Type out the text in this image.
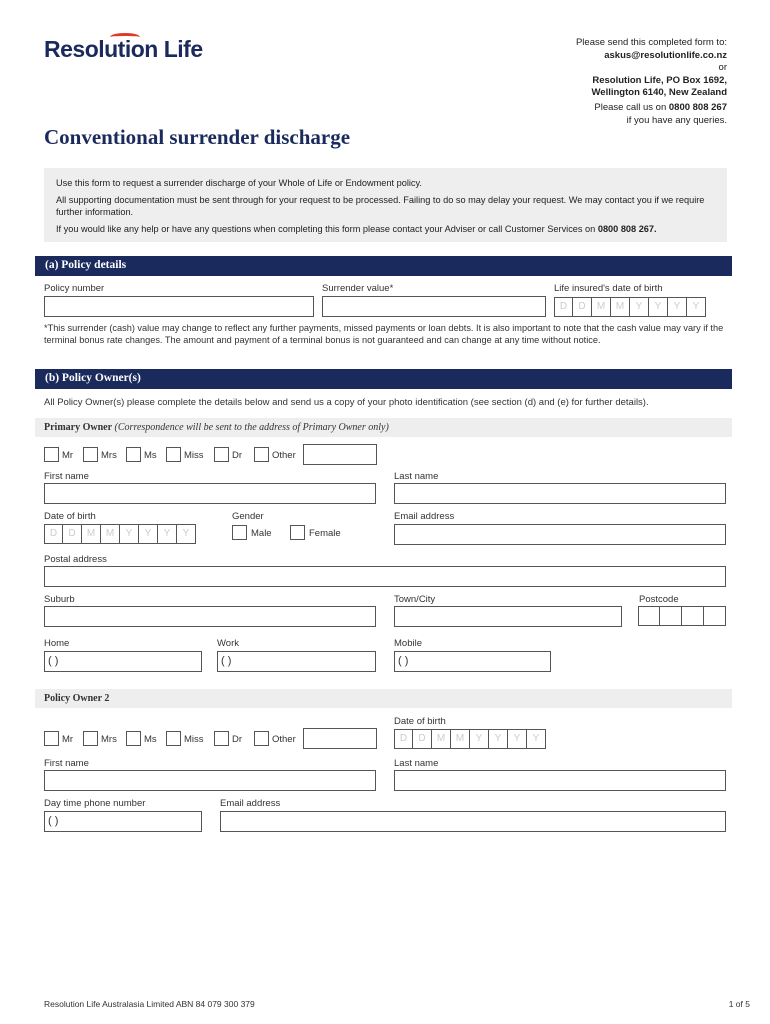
Resolution Life	Please send this completed form to:
askus@resolutionlife.co.nz
or
Resolution Life, PO Box 1692,
Wellington 6140, New Zealand
Please call us on 0800 808 267
if you have any queries.
Conventional surrender discharge

Use this form to request a surrender discharge of your Whole of Life or Endowment policy.

All supporting documentation must be sent through for your request to be processed. Failing to do so may delay your request. We may contact you if we require further information.

If you would like any help or have any questions when completing this form please contact your Adviser or call Customer Services on 0800 808 267.

(a) Policy details
Policy number	Surrender value*	Life insured's date of birth
D	D	M	M	Y	Y	Y	Y
*This surrender (cash) value may change to reflect any further payments, missed payments or loan debts. It is also important to note that the cash value may vary if the terminal bonus rate changes. The amount and payment of a terminal bonus is not guaranteed and can change at any time without notice.
(b) Policy Owner(s)
All Policy Owner(s) please complete the details below and send us a copy of your photo identification (see section (d) and (e) for further details).
Primary Owner (Correspondence will be sent to the address of Primary Owner only)
Mr	Mrs	Ms	Miss	Dr	Other
First name	Last name
Date of birth
D	D	M	M	Y	Y	Y	Y
Gender
Male	Female
Email address
Postal address
Suburb	Town/City	Postcode
Home
( )
Work
( )
Mobile
( )
Policy Owner 2
Date of birth
D	D	M	M	Y	Y	Y	Y
Mr	Mrs	Ms	Miss	Dr	Other
First name	Last name
Day time phone number
( )
Email address
Resolution Life Australasia Limited ABN 84 079 300 379	1 of 5
